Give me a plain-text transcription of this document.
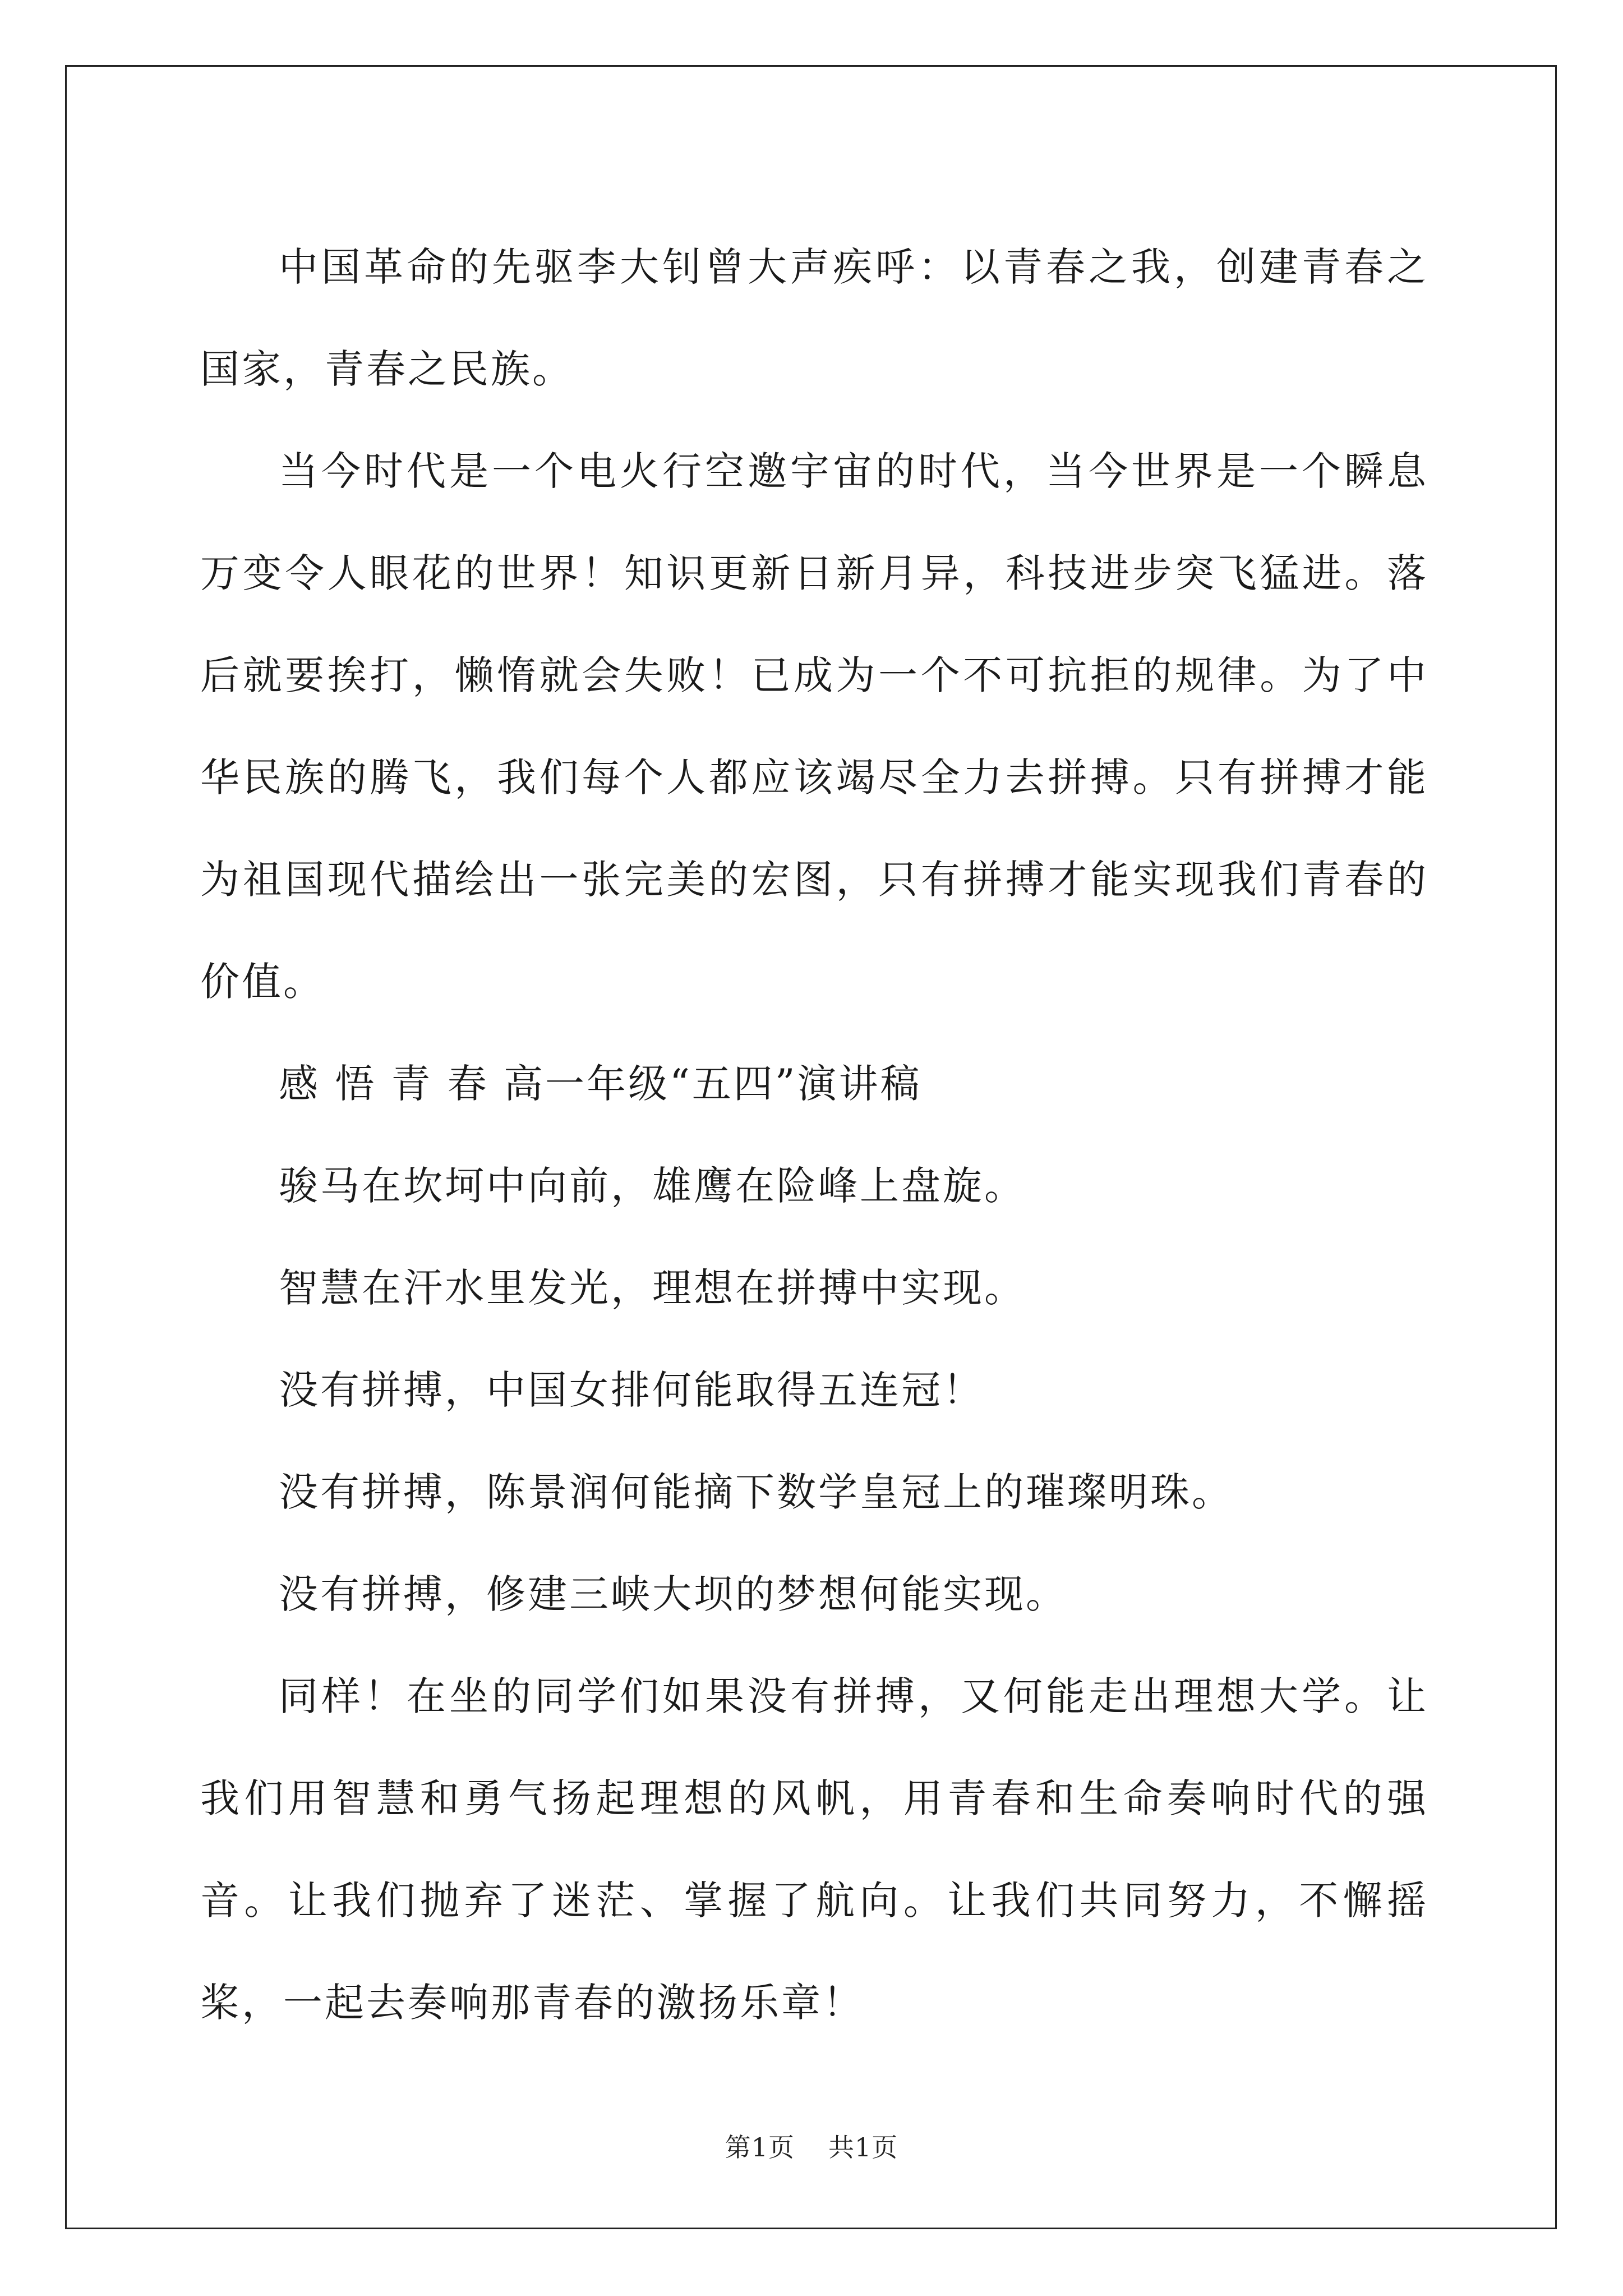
中国革命的先驱李大钊曾大声疾呼：以青春之我，创建青春之国家，青春之民族。

当今时代是一个电火行空邀宇宙的时代，当今世界是一个瞬息万变令人眼花的世界！知识更新日新月异，科技进步突飞猛进。落后就要挨打，懒惰就会失败！已成为一个不可抗拒的规律。为了中华民族的腾飞，我们每个人都应该竭尽全力去拼搏。只有拼搏才能为祖国现代描绘出一张完美的宏图，只有拼搏才能实现我们青春的价值。

感 悟 青 春 高一年级“五四”演讲稿

骏马在坎坷中向前，雄鹰在险峰上盘旋。

智慧在汗水里发光，理想在拼搏中实现。

没有拼搏，中国女排何能取得五连冠！

没有拼搏，陈景润何能摘下数学皇冠上的璀璨明珠。

没有拼搏，修建三峡大坝的梦想何能实现。

同样！在坐的同学们如果没有拼搏，又何能走出理想大学。让我们用智慧和勇气扬起理想的风帆，用青春和生命奏响时代的强音。让我们抛弃了迷茫、掌握了航向。让我们共同努力，不懈摇桨，一起去奏响那青春的激扬乐章！

第1页 共1页
